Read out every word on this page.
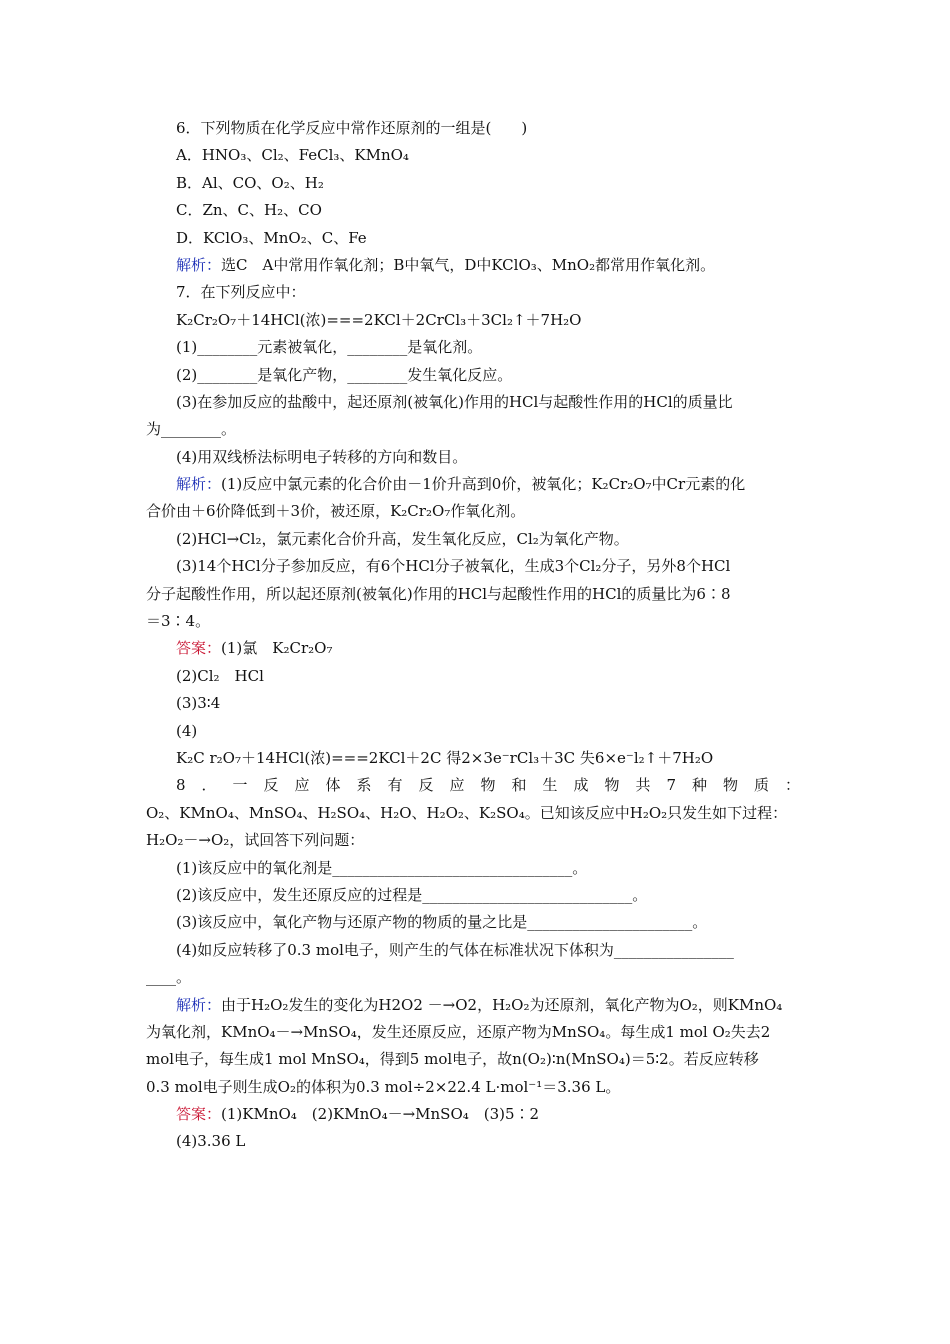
6．下列物质在化学反应中常作还原剂的一组是(　　)
A．HNO₃、Cl₂、FeCl₃、KMnO₄
B．Al、CO、O₂、H₂
C．Zn、C、H₂、CO
D．KClO₃、MnO₂、C、Fe
解析：选C　A中常用作氧化剂；B中氧气，D中KClO₃、MnO₂都常用作氧化剂。
7．在下列反应中：
K₂Cr₂O₇＋14HCl(浓)===2KCl＋2CrCl₃＋3Cl₂↑＋7H₂O
(1)________元素被氧化，________是氧化剂。
(2)________是氧化产物，________发生氧化反应。
(3)在参加反应的盐酸中，起还原剂(被氧化)作用的HCl与起酸性作用的HCl的质量比
为________。
(4)用双线桥法标明电子转移的方向和数目。
解析：(1)反应中氯元素的化合价由－1价升高到0价，被氧化；K₂Cr₂O₇中Cr元素的化
合价由＋6价降低到＋3价，被还原，K₂Cr₂O₇作氧化剂。
(2)HCl→Cl₂，氯元素化合价升高，发生氧化反应，Cl₂为氧化产物。
(3)14个HCl分子参加反应，有6个HCl分子被氧化，生成3个Cl₂分子，另外8个HCl
分子起酸性作用，所以起还原剂(被氧化)作用的HCl与起酸性作用的HCl的质量比为6∶8
＝3∶4。
答案：(1)氯　K₂Cr₂O₇
(2)Cl₂　HCl
(3)3∶4
(4)
K₂C r₂O₇＋14HCl(浓)===2KCl＋2C 得2×3e⁻rCl₃＋3C 失6×e⁻l₂↑＋7H₂O
8．一反应体系有反应物和生成物共7种物质：
O₂、KMnO₄、MnSO₄、H₂SO₄、H₂O、H₂O₂、K₂SO₄。已知该反应中H₂O₂只发生如下过程：
H₂O₂－→O₂，试回答下列问题：
(1)该反应中的氧化剂是________________________________。
(2)该反应中，发生还原反应的过程是____________________________。
(3)该反应中，氧化产物与还原产物的物质的量之比是______________________。
(4)如反应转移了0.3 mol电子，则产生的气体在标准状况下体积为________________
____。
解析：由于H₂O₂发生的变化为H2O2 －→O2，H₂O₂为还原剂，氧化产物为O₂，则KMnO₄
为氧化剂，KMnO₄－→MnSO₄，发生还原反应，还原产物为MnSO₄。每生成1 mol O₂失去2
mol电子，每生成1 mol MnSO₄，得到5 mol电子，故n(O₂)∶n(MnSO₄)＝5∶2。若反应转移
0.3 mol电子则生成O₂的体积为0.3 mol÷2×22.4 L·mol⁻¹＝3.36 L。
答案：(1)KMnO₄　(2)KMnO₄－→MnSO₄　(3)5∶2
(4)3.36 L
